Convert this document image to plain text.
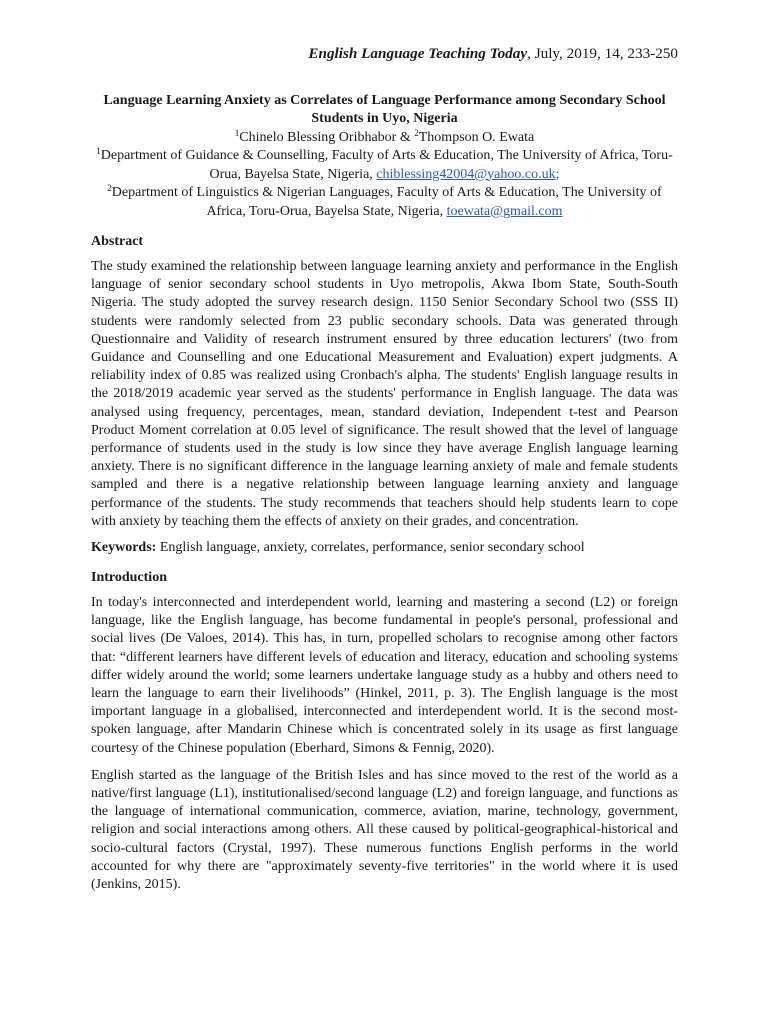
English Language Teaching Today, July, 2019, 14, 233-250
Language Learning Anxiety as Correlates of Language Performance among Secondary School Students in Uyo, Nigeria
$^1$Chinelo Blessing Oribhabor & $^2$Thompson O. Ewata
$^1$Department of Guidance & Counselling, Faculty of Arts & Education, The University of Africa, Toru-Orua, Bayelsa State, Nigeria, chiblessing42004@yahoo.co.uk;
$^2$Department of Linguistics & Nigerian Languages, Faculty of Arts & Education, The University of Africa, Toru-Orua, Bayelsa State, Nigeria, toewata@gmail.com
Abstract

The study examined the relationship between language learning anxiety and performance in the English language of senior secondary school students in Uyo metropolis, Akwa Ibom State, South-South Nigeria. The study adopted the survey research design. 1150 Senior Secondary School two (SSS II) students were randomly selected from 23 public secondary schools. Data was generated through Questionnaire and Validity of research instrument ensured by three education lecturers' (two from Guidance and Counselling and one Educational Measurement and Evaluation) expert judgments. A reliability index of 0.85 was realized using Cronbach's alpha. The students' English language results in the 2018/2019 academic year served as the students' performance in English language. The data was analysed using frequency, percentages, mean, standard deviation, Independent t-test and Pearson Product Moment correlation at 0.05 level of significance. The result showed that the level of language performance of students used in the study is low since they have average English language learning anxiety. There is no significant difference in the language learning anxiety of male and female students sampled and there is a negative relationship between language learning anxiety and language performance of the students. The study recommends that teachers should help students learn to cope with anxiety by teaching them the effects of anxiety on their grades, and concentration.

Keywords: English language, anxiety, correlates, performance, senior secondary school
Introduction

In today's interconnected and interdependent world, learning and mastering a second (L2) or foreign language, like the English language, has become fundamental in people's personal, professional and social lives (De Valoes, 2014). This has, in turn, propelled scholars to recognise among other factors that: “different learners have different levels of education and literacy, education and schooling systems differ widely around the world; some learners undertake language study as a hubby and others need to learn the language to earn their livelihoods” (Hinkel, 2011, p. 3). The English language is the most important language in a globalised, interconnected and interdependent world. It is the second most-spoken language, after Mandarin Chinese which is concentrated solely in its usage as first language courtesy of the Chinese population (Eberhard, Simons & Fennig, 2020).

English started as the language of the British Isles and has since moved to the rest of the world as a native/first language (L1), institutionalised/second language (L2) and foreign language, and functions as the language of international communication, commerce, aviation, marine, technology, government, religion and social interactions among others. All these caused by political-geographical-historical and socio-cultural factors (Crystal, 1997). These numerous functions English performs in the world accounted for why there are "approximately seventy-five territories" in the world where it is used (Jenkins, 2015).
